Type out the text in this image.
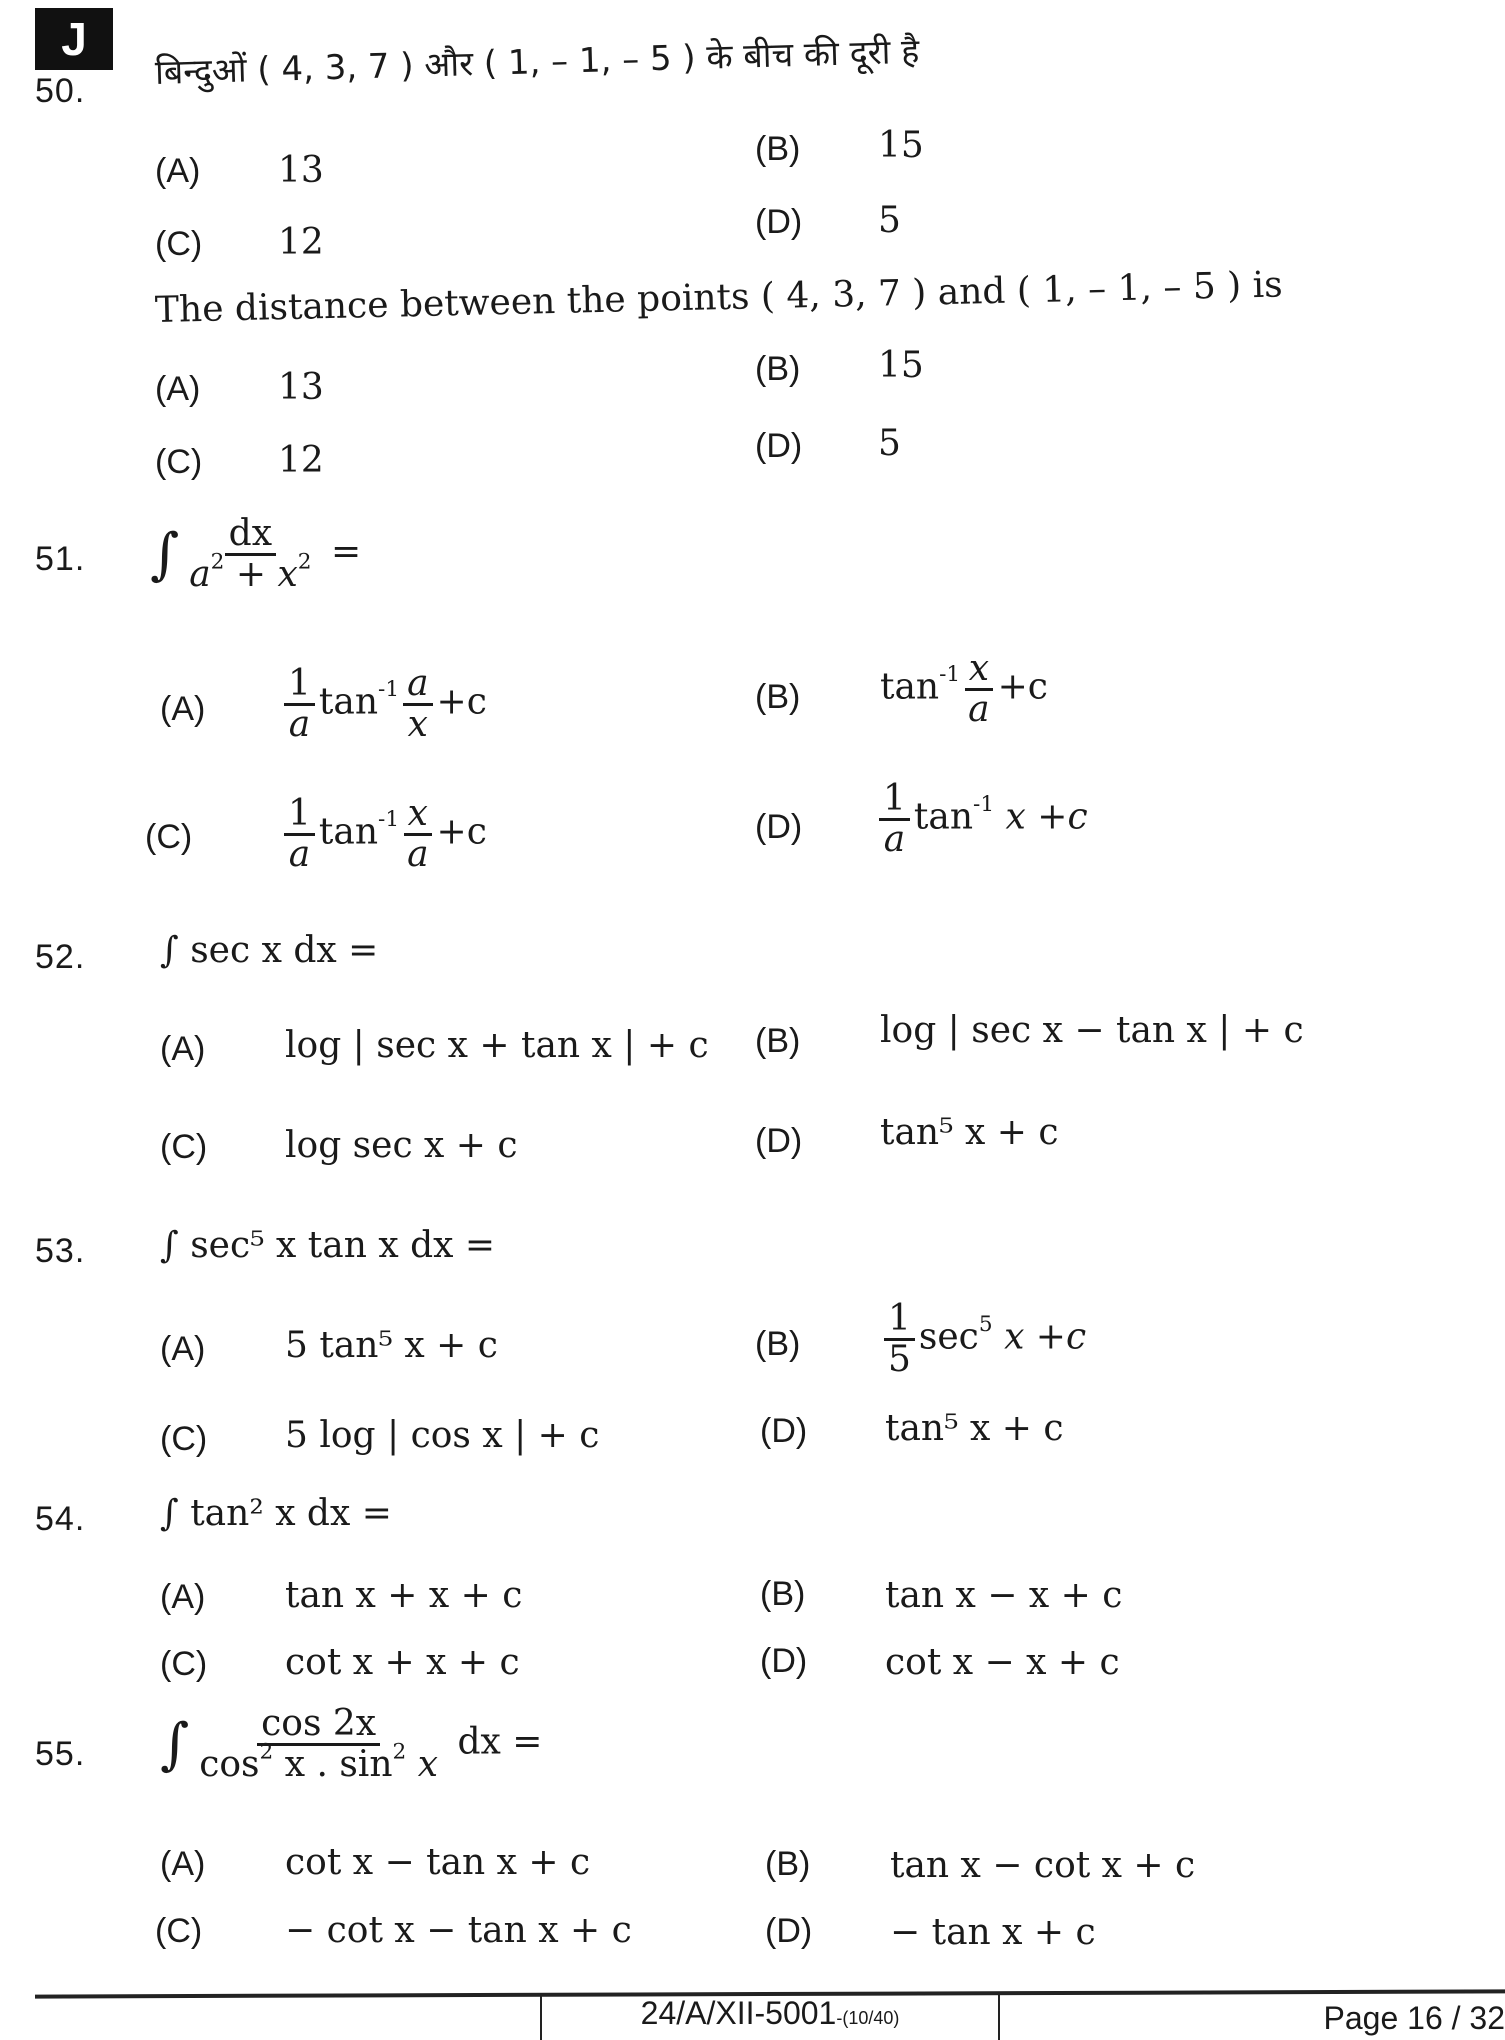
J
50. बिन्दुओं ( 4, 3, 7 ) और ( 1, – 1, – 5 ) के बीच की दूरी है
(A) 13
(B) 15
(C) 12	(D) 5
The distance between the points ( 4, 3, 7 ) and ( 1, – 1, – 5 ) is
(A) 13	(B) 15
(C) 12	(D) 5
51. ∫ $\frac{dx}{a^2 + x^2}$ =
$(A) \frac{1}{a} \tan^{-1} \frac{a}{x} +c$	(B) $\tan^{-1} \frac{x}{a} +c$
(C)	$\frac{1}{a} \tan^{-1} \frac{x}{a} +c$	$(D) \frac{1}{a} \tan^{-1} x +c$
52. ∫ sec x dx =
(A) log | sec x + tan x | + c (B) log | sec x − tan x | + c
(C) log sec x + c	(D) tan⁵ x + c
53. ∫ sec⁵ x tan x dx =
(A) 5 tan⁵ x + c	$(B) \frac{1}{5} \sec^5 x +c$
(C) 5 log | cos x | + c	(D) tan⁵ x + c
54. ∫ tan² x dx =
(A) tan x + x + c	(B) tan x − x + c
(C) cot x + x + c	(D) cot x − x + c
55. ∫ $\frac{\cos 2x}{\cos^2 x . \sin^2 x}$ dx =
(A) cot x − tan x + c	(B) tan x − cot x + c
(C) − cot x − tan x + c	(D) − tan x + c
24/A/XII-5001-(10/40)	Page 16 / 32
